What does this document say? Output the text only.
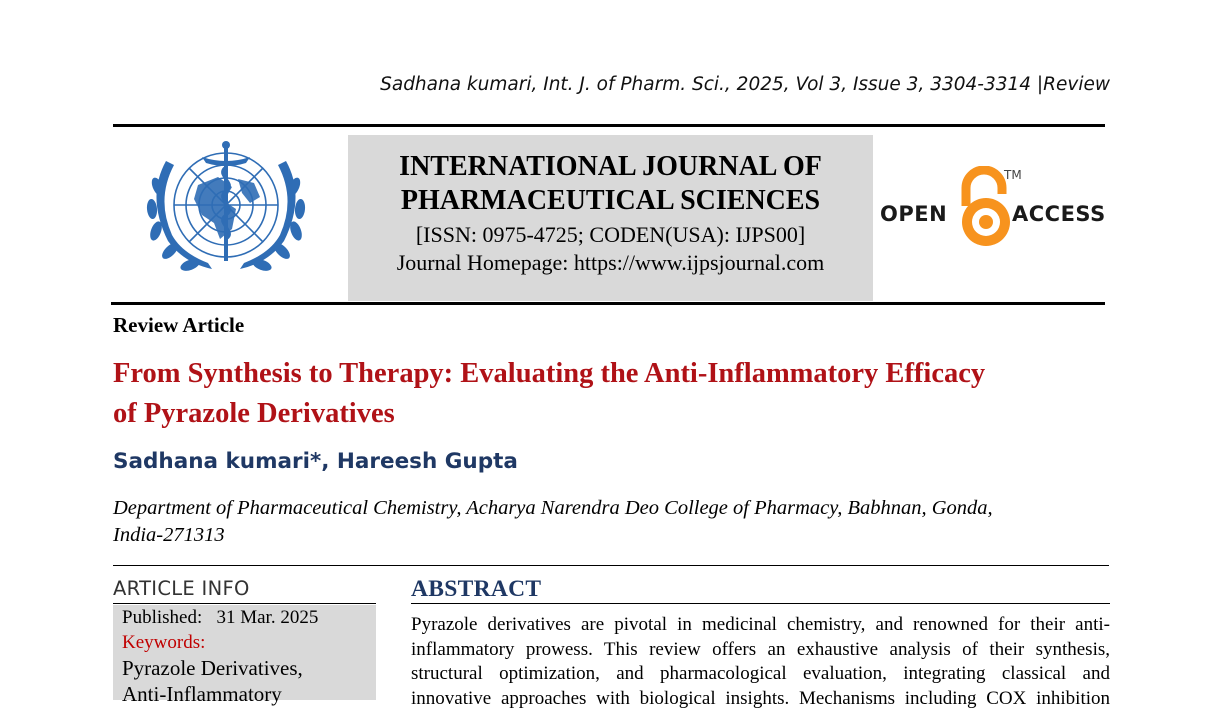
Sadhana kumari, Int. J. of Pharm. Sci., 2025, Vol 3, Issue 3, 3304-3314 |Review
INTERNATIONAL JOURNAL OF
PHARMACEUTICAL SCIENCES
[ISSN: 0975-4725; CODEN(USA): IJPS00]
Journal Homepage: https://www.ijpsjournal.com
OPEN	ACCESS
TM
Review Article
From Synthesis to Therapy: Evaluating the Anti-Inflammatory Efficacy
of Pyrazole Derivatives
Sadhana kumari*, Hareesh Gupta
Department of Pharmaceutical Chemistry, Acharya Narendra Deo College of Pharmacy, Babhnan, Gonda,
India-271313
ARTICLE INFO
Published: 31 Mar. 2025
Keywords:
Pyrazole Derivatives,
Anti-Inflammatory
ABSTRACT
Pyrazole derivatives are pivotal in medicinal chemistry, and renowned for their anti-
inflammatory prowess. This review offers an exhaustive analysis of their synthesis,
structural optimization, and pharmacological evaluation, integrating classical and
innovative approaches with biological insights. Mechanisms including COX inhibition
